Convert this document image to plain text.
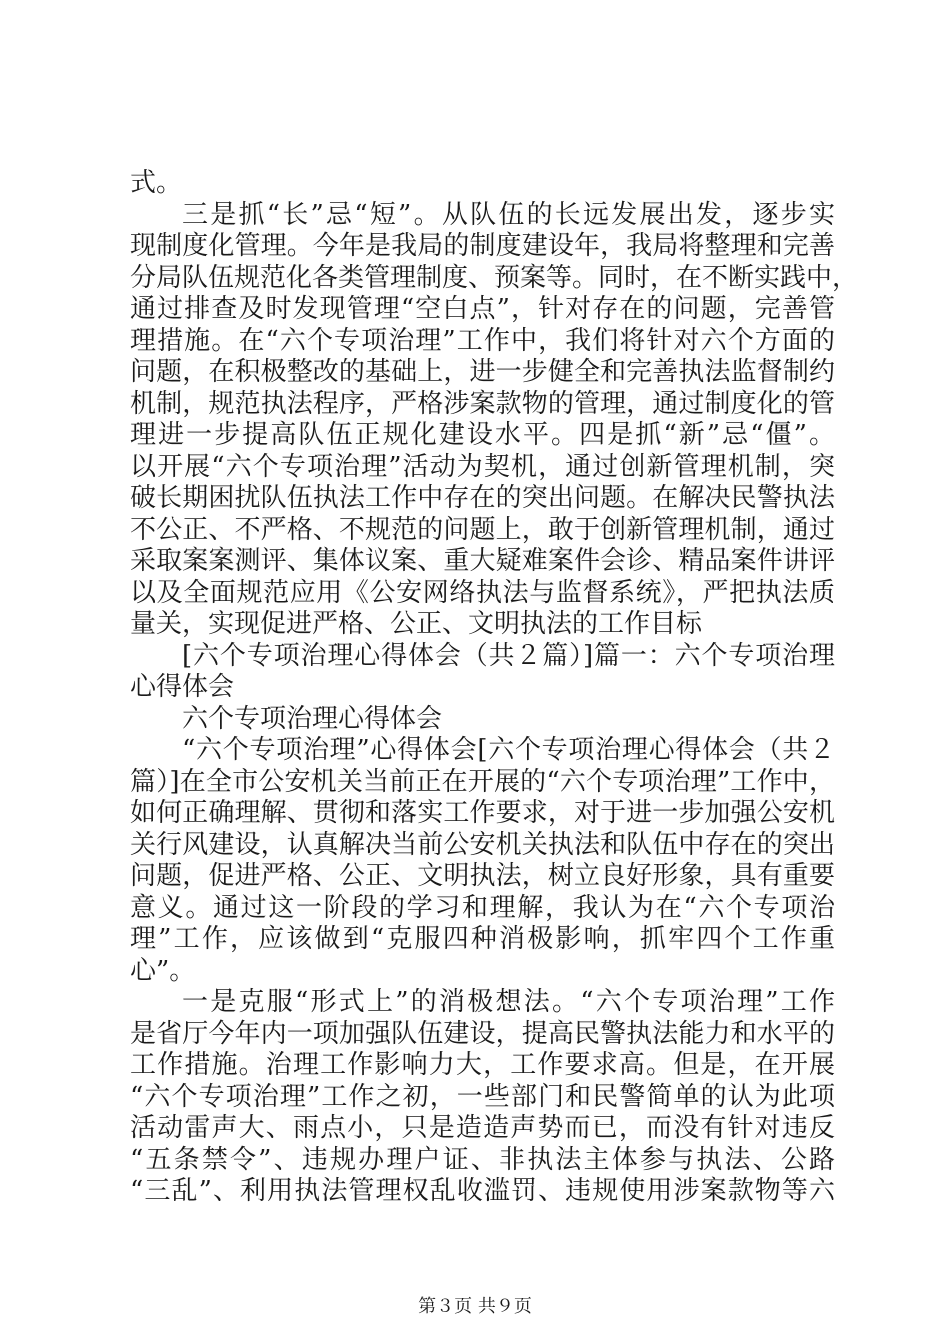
式。
三是抓“长”忌“短”。从队伍的长远发展出发，逐步实
现制度化管理。今年是我局的制度建设年，我局将整理和完善
分局队伍规范化各类管理制度、预案等。同时，在不断实践中，
通过排查及时发现管理“空白点”，针对存在的问题，完善管
理措施。在“六个专项治理”工作中，我们将针对六个方面的
问题，在积极整改的基础上，进一步健全和完善执法监督制约
机制，规范执法程序，严格涉案款物的管理，通过制度化的管
理进一步提高队伍正规化建设水平。四是抓“新”忌“僵”。
以开展“六个专项治理”活动为契机，通过创新管理机制，突
破长期困扰队伍执法工作中存在的突出问题。在解决民警执法
不公正、不严格、不规范的问题上，敢于创新管理机制，通过
采取案案测评、集体议案、重大疑难案件会诊、精品案件讲评
以及全面规范应用《公安网络执法与监督系统》，严把执法质
量关，实现促进严格、公正、文明执法的工作目标
[六个专项治理心得体会（共２篇）]篇一：六个专项治理
心得体会
六个专项治理心得体会
“六个专项治理”心得体会[六个专项治理心得体会（共２
篇）]在全市公安机关当前正在开展的“六个专项治理”工作中，
如何正确理解、贯彻和落实工作要求，对于进一步加强公安机
关行风建设，认真解决当前公安机关执法和队伍中存在的突出
问题，促进严格、公正、文明执法，树立良好形象，具有重要
意义。通过这一阶段的学习和理解，我认为在“六个专项治
理”工作，应该做到“克服四种消极影响，抓牢四个工作重
心”。
一是克服“形式上”的消极想法。“六个专项治理”工作
是省厅今年内一项加强队伍建设，提高民警执法能力和水平的
工作措施。治理工作影响力大，工作要求高。但是，在开展
“六个专项治理”工作之初，一些部门和民警简单的认为此项
活动雷声大、雨点小，只是造造声势而已，而没有针对违反
“五条禁令”、违规办理户证、非执法主体参与执法、公路
“三乱”、利用执法管理权乱收滥罚、违规使用涉案款物等六
第３页 共９页
